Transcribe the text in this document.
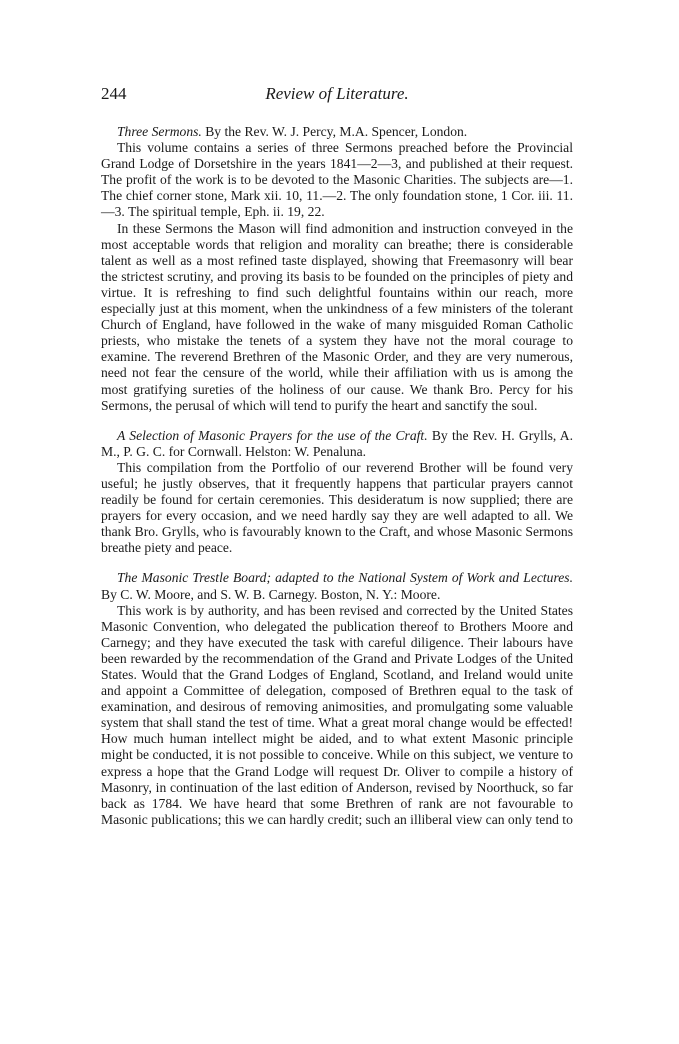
244	Review of Literature.

Three Sermons. By the Rev. W. J. Percy, M.A. Spencer, London.

This volume contains a series of three Sermons preached before the Provincial Grand Lodge of Dorsetshire in the years 1841—2—3, and published at their request. The profit of the work is to be devoted to the Masonic Charities. The subjects are—1. The chief corner stone, Mark xii. 10, 11.—2. The only foundation stone, 1 Cor. iii. 11.—3. The spiritual temple, Eph. ii. 19, 22.

In these Sermons the Mason will find admonition and instruction conveyed in the most acceptable words that religion and morality can breathe; there is considerable talent as well as a most refined taste displayed, showing that Freemasonry will bear the strictest scrutiny, and proving its basis to be founded on the principles of piety and virtue. It is refreshing to find such delightful fountains within our reach, more especially just at this moment, when the unkindness of a few ministers of the tolerant Church of England, have followed in the wake of many misguided Roman Catholic priests, who mistake the tenets of a system they have not the moral courage to examine. The reverend Brethren of the Masonic Order, and they are very numerous, need not fear the censure of the world, while their affiliation with us is among the most gratifying sureties of the holiness of our cause. We thank Bro. Percy for his Sermons, the perusal of which will tend to purify the heart and sanctify the soul.

A Selection of Masonic Prayers for the use of the Craft. By the Rev. H. Grylls, A. M., P. G. C. for Cornwall. Helston: W. Penaluna.

This compilation from the Portfolio of our reverend Brother will be found very useful; he justly observes, that it frequently happens that particular prayers cannot readily be found for certain ceremonies. This desideratum is now supplied; there are prayers for every occasion, and we need hardly say they are well adapted to all. We thank Bro. Grylls, who is favourably known to the Craft, and whose Masonic Sermons breathe piety and peace.

The Masonic Trestle Board; adapted to the National System of Work and Lectures. By C. W. Moore, and S. W. B. Carnegy. Boston, N. Y.: Moore.

This work is by authority, and has been revised and corrected by the United States Masonic Convention, who delegated the publication thereof to Brothers Moore and Carnegy; and they have executed the task with careful diligence. Their labours have been rewarded by the recommendation of the Grand and Private Lodges of the United States. Would that the Grand Lodges of England, Scotland, and Ireland would unite and appoint a Committee of delegation, composed of Brethren equal to the task of examination, and desirous of removing animosities, and promulgating some valuable system that shall stand the test of time. What a great moral change would be effected! How much human intellect might be aided, and to what extent Masonic principle might be conducted, it is not possible to conceive. While on this subject, we venture to express a hope that the Grand Lodge will request Dr. Oliver to compile a history of Masonry, in continuation of the last edition of Anderson, revised by Noorthuck, so far back as 1784. We have heard that some Brethren of rank are not favourable to Masonic publications; this we can hardly credit; such an illiberal view can only tend to
